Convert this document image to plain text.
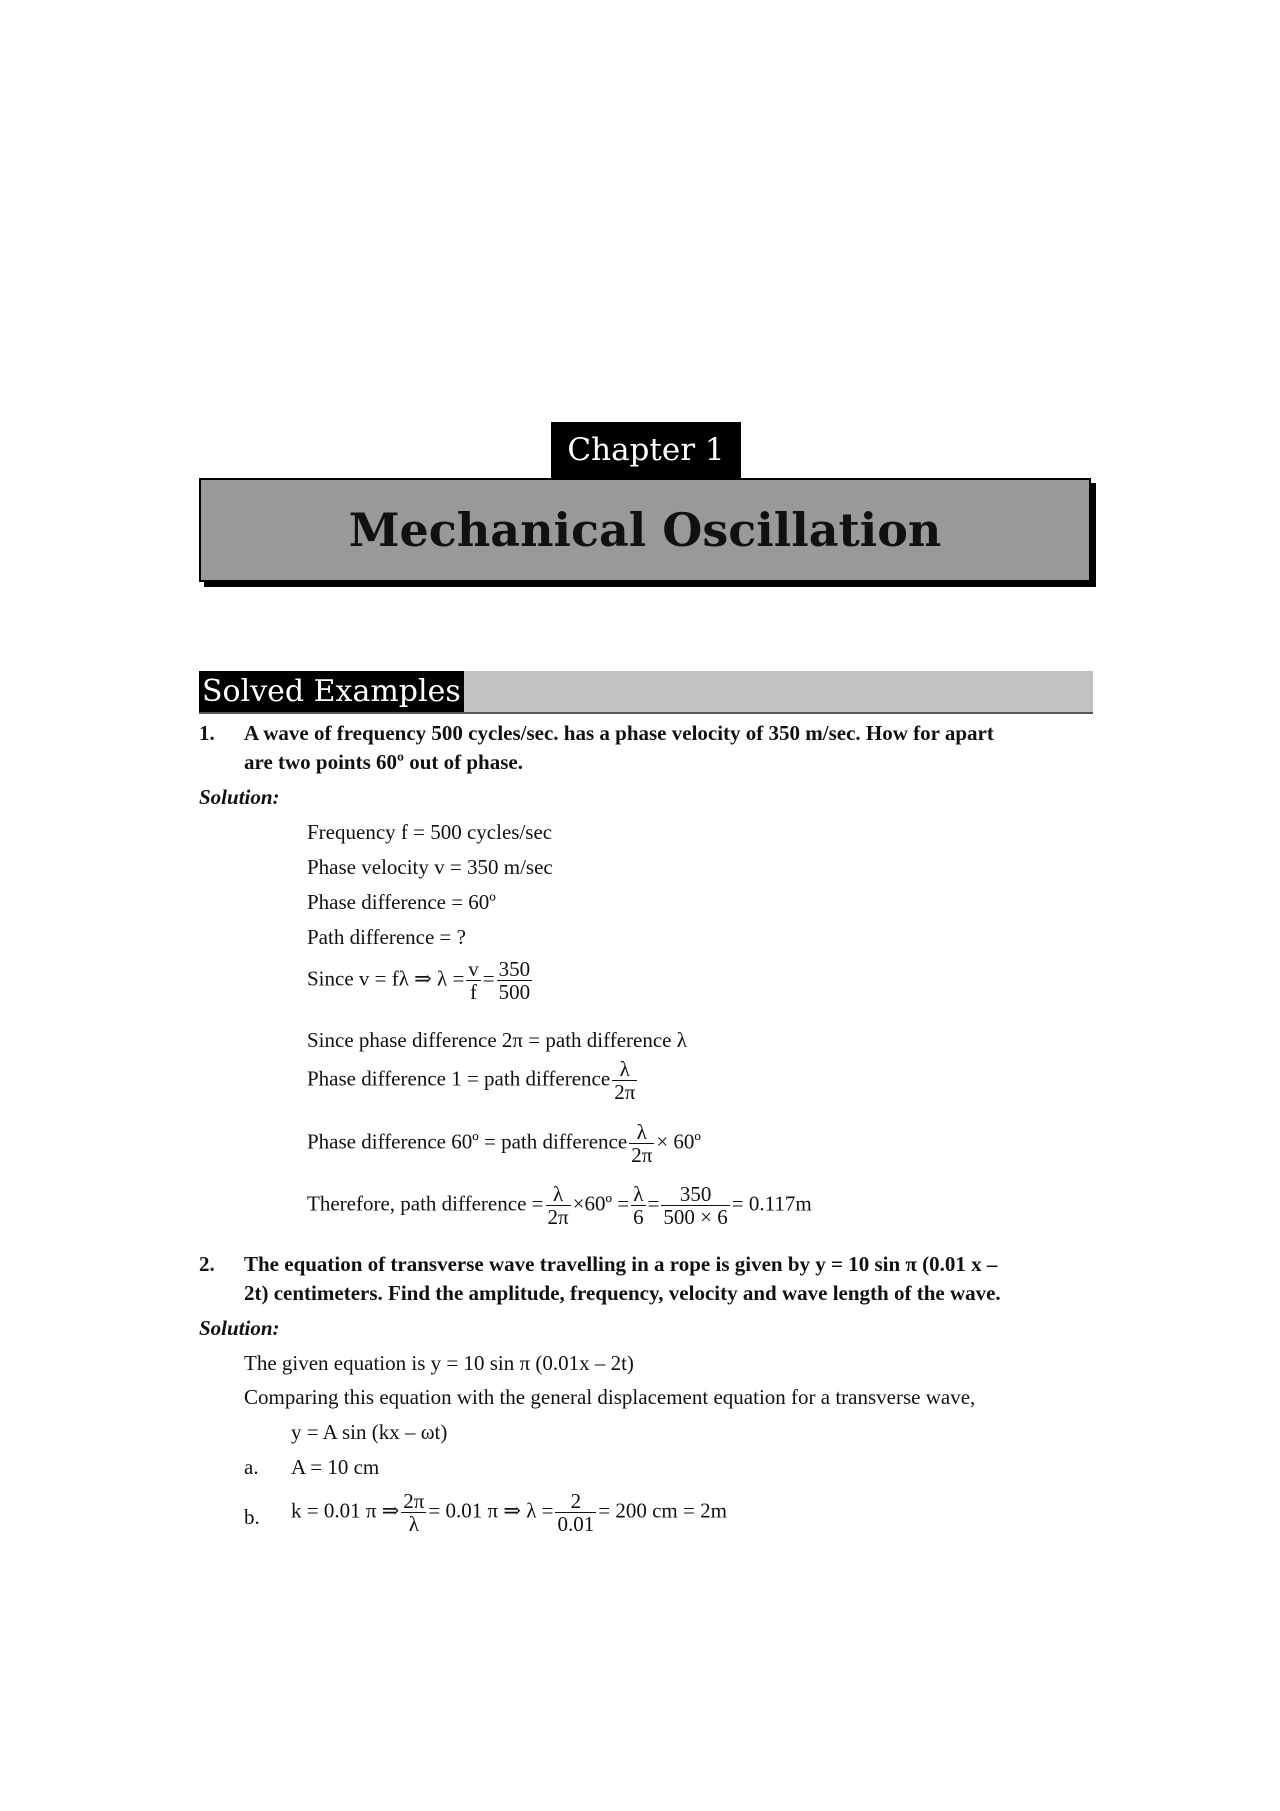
Chapter 1
Mechanical Oscillation
Solved Examples
1. A wave of frequency 500 cycles/sec. has a phase velocity of 350 m/sec. How for apart
are two points 60º out of phase.
Solution:
Frequency f = 500 cycles/sec
Phase velocity v = 350 m/sec
Phase difference = 60º
Path difference = ?
Since v = fλ ⇒ $\lambda = \frac{v}{f} = \frac{350}{500}$
Since phase difference 2π = path difference λ
Phase difference 1 = path difference $\frac{\lambda}{2\pi}$
Phase difference 60º = path difference $\frac{\lambda}{2\pi}$ × 60º
Therefore, path difference = $\frac{\lambda}{2\pi}$ ×60º = $\frac{\lambda}{6} = \frac{350}{500 \times 6} = 0.117m$
2. The equation of transverse wave travelling in a rope is given by y = 10 sin π (0.01 x –
2t) centimeters. Find the amplitude, frequency, velocity and wave length of the wave.
Solution:
The given equation is y = 10 sin π (0.01x – 2t)
Comparing this equation with the general displacement equation for a transverse wave,
y = A sin (kx – ωt)
a. A = 10 cm
b. k = 0.01 π ⇒ $\frac{2\pi}{\lambda} = 0.01$ π ⇒ $\lambda = \frac{2}{0.01} = 200$ cm = 2m
